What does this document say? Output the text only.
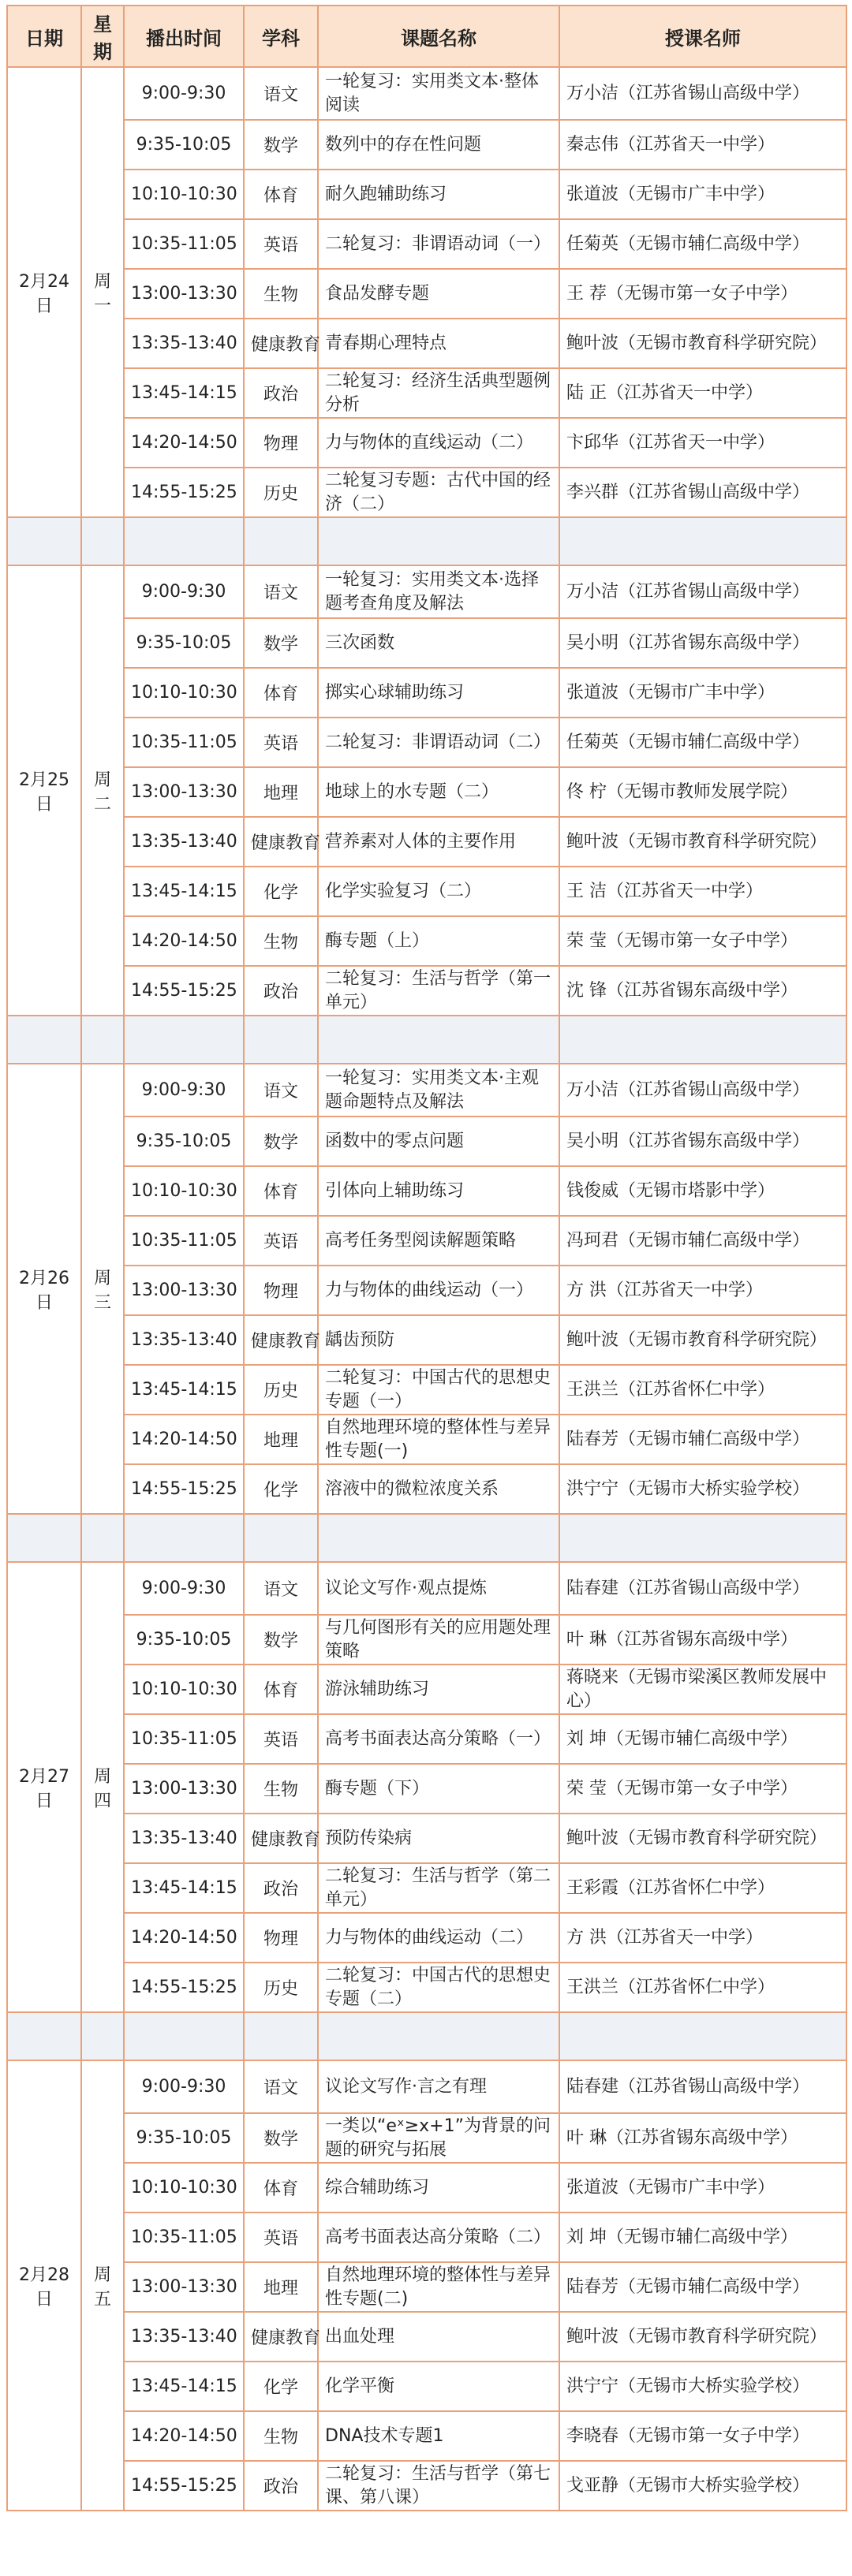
日期	星期	播出时间	学科	课题名称	授课名师
2月24日	周一	9:00-9:30	语文	一轮复习：实用类文本·整体阅读	万小洁（江苏省锡山高级中学）
		9:35-10:05	数学	数列中的存在性问题	秦志伟（江苏省天一中学）
		10:10-10:30	体育	耐久跑辅助练习	张道波（无锡市广丰中学）
		10:35-11:05	英语	二轮复习：非谓语动词（一）	任菊英（无锡市辅仁高级中学）
		13:00-13:30	生物	食品发酵专题	王 荐（无锡市第一女子中学）
		13:35-13:40	健康教育	青春期心理特点	鲍叶波（无锡市教育科学研究院）
		13:45-14:15	政治	二轮复习：经济生活典型题例分析	陆 正（江苏省天一中学）
		14:20-14:50	物理	力与物体的直线运动（二）	卞邱华（江苏省天一中学）
		14:55-15:25	历史	二轮复习专题：古代中国的经济（二）	李兴群（江苏省锡山高级中学）

2月25日	周二	9:00-9:30	语文	一轮复习：实用类文本·选择题考查角度及解法	万小洁（江苏省锡山高级中学）
		9:35-10:05	数学	三次函数	吴小明（江苏省锡东高级中学）
		10:10-10:30	体育	掷实心球辅助练习	张道波（无锡市广丰中学）
		10:35-11:05	英语	二轮复习：非谓语动词（二）	任菊英（无锡市辅仁高级中学）
		13:00-13:30	地理	地球上的水专题（二）	佟 柠（无锡市教师发展学院）
		13:35-13:40	健康教育	营养素对人体的主要作用	鲍叶波（无锡市教育科学研究院）
		13:45-14:15	化学	化学实验复习（二）	王 洁（江苏省天一中学）
		14:20-14:50	生物	酶专题（上）	荣 莹（无锡市第一女子中学）
		14:55-15:25	政治	二轮复习：生活与哲学（第一单元）	沈 锋（江苏省锡东高级中学）

2月26日	周三	9:00-9:30	语文	一轮复习：实用类文本·主观题命题特点及解法	万小洁（江苏省锡山高级中学）
		9:35-10:05	数学	函数中的零点问题	吴小明（江苏省锡东高级中学）
		10:10-10:30	体育	引体向上辅助练习	钱俊威（无锡市塔影中学）
		10:35-11:05	英语	高考任务型阅读解题策略	冯珂君（无锡市辅仁高级中学）
		13:00-13:30	物理	力与物体的曲线运动（一）	方 洪（江苏省天一中学）
		13:35-13:40	健康教育	龋齿预防	鲍叶波（无锡市教育科学研究院）
		13:45-14:15	历史	二轮复习：中国古代的思想史专题（一）	王洪兰（江苏省怀仁中学）
		14:20-14:50	地理	自然地理环境的整体性与差异性专题(一)	陆春芳（无锡市辅仁高级中学）
		14:55-15:25	化学	溶液中的微粒浓度关系	洪宁宁（无锡市大桥实验学校）

2月27日	周四	9:00-9:30	语文	议论文写作·观点提炼	陆春建（江苏省锡山高级中学）
		9:35-10:05	数学	与几何图形有关的应用题处理策略	叶 琳（江苏省锡东高级中学）
		10:10-10:30	体育	游泳辅助练习	蒋晓来（无锡市梁溪区教师发展中心）
		10:35-11:05	英语	高考书面表达高分策略（一）	刘 坤（无锡市辅仁高级中学）
		13:00-13:30	生物	酶专题（下）	荣 莹（无锡市第一女子中学）
		13:35-13:40	健康教育	预防传染病	鲍叶波（无锡市教育科学研究院）
		13:45-14:15	政治	二轮复习：生活与哲学（第二单元）	王彩霞（江苏省怀仁中学）
		14:20-14:50	物理	力与物体的曲线运动（二）	方 洪（江苏省天一中学）
		14:55-15:25	历史	二轮复习：中国古代的思想史专题（二）	王洪兰（江苏省怀仁中学）

2月28日	周五	9:00-9:30	语文	议论文写作·言之有理	陆春建（江苏省锡山高级中学）
		9:35-10:05	数学	一类以“eˣ≥x+1”为背景的问题的研究与拓展	叶 琳（江苏省锡东高级中学）
		10:10-10:30	体育	综合辅助练习	张道波（无锡市广丰中学）
		10:35-11:05	英语	高考书面表达高分策略（二）	刘 坤（无锡市辅仁高级中学）
		13:00-13:30	地理	自然地理环境的整体性与差异性专题(二)	陆春芳（无锡市辅仁高级中学）
		13:35-13:40	健康教育	出血处理	鲍叶波（无锡市教育科学研究院）
		13:45-14:15	化学	化学平衡	洪宁宁（无锡市大桥实验学校）
		14:20-14:50	生物	DNA技术专题1	李晓春（无锡市第一女子中学）
		14:55-15:25	政治	二轮复习：生活与哲学（第七课、第八课）	戈亚静（无锡市大桥实验学校）
